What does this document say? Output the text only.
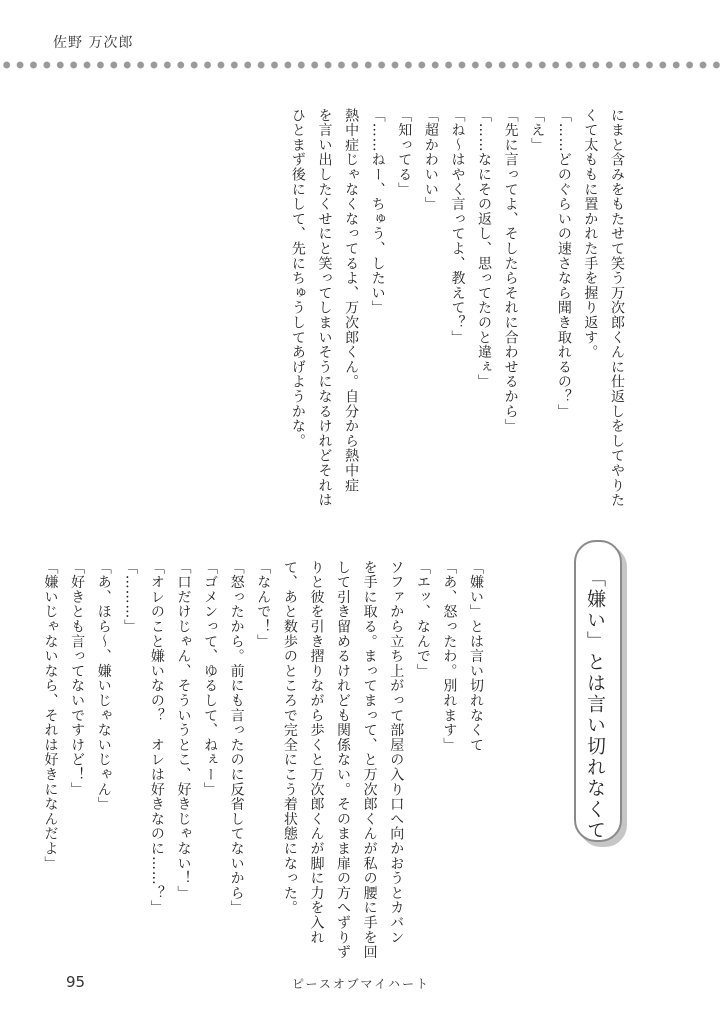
佐野 万次郎
にまと含みをもたせて笑う万次郎くんに仕返しをしてやりた
くて太ももに置かれた手を握り返す。
「……どのぐらいの速さなら聞き取れるの？」
「え」
「先に言ってよ、そしたらそれに合わせるから」
「……なにその返し、思ってたのと違ぇ」
「ね～はやく言ってよ、教えて？」
「超かわいい」
「知ってる」
「……ねー、ちゅう、したい」
熱中症じゃなくなってるよ、万次郎くん。自分から熱中症
を言い出したくせにと笑ってしまいそうになるけれどそれは
ひとまず後にして、先にちゅうしてあげようかな。
「嫌い」とは言い切れなくて
「嫌い」とは言い切れなくて
「あ、怒ったわ。別れます」
「エッ、なんで」
ソファから立ち上がって部屋の入り口へ向かおうとカバン
を手に取る。まってまって、と万次郎くんが私の腰に手を回
して引き留めるけれども関係ない。そのまま扉の方へずりず
りと彼を引き摺りながら歩くと万次郎くんが脚に力を入れ
て、あと数歩のところで完全にこう着状態になった。
「なんで！」
「怒ったから。前にも言ったのに反省してないから」
「ゴメンって、ゆるして、ねぇー」
「口だけじゃん、そういうとこ、好きじゃない！」
「オレのこと嫌いなの？　オレは好きなのに……？」
「………」
「あ、ほら～、嫌いじゃないじゃん」
「好きとも言ってないですけど！」
「嫌いじゃないなら、それは好きになんだよ」
95	ピースオブマイハート
